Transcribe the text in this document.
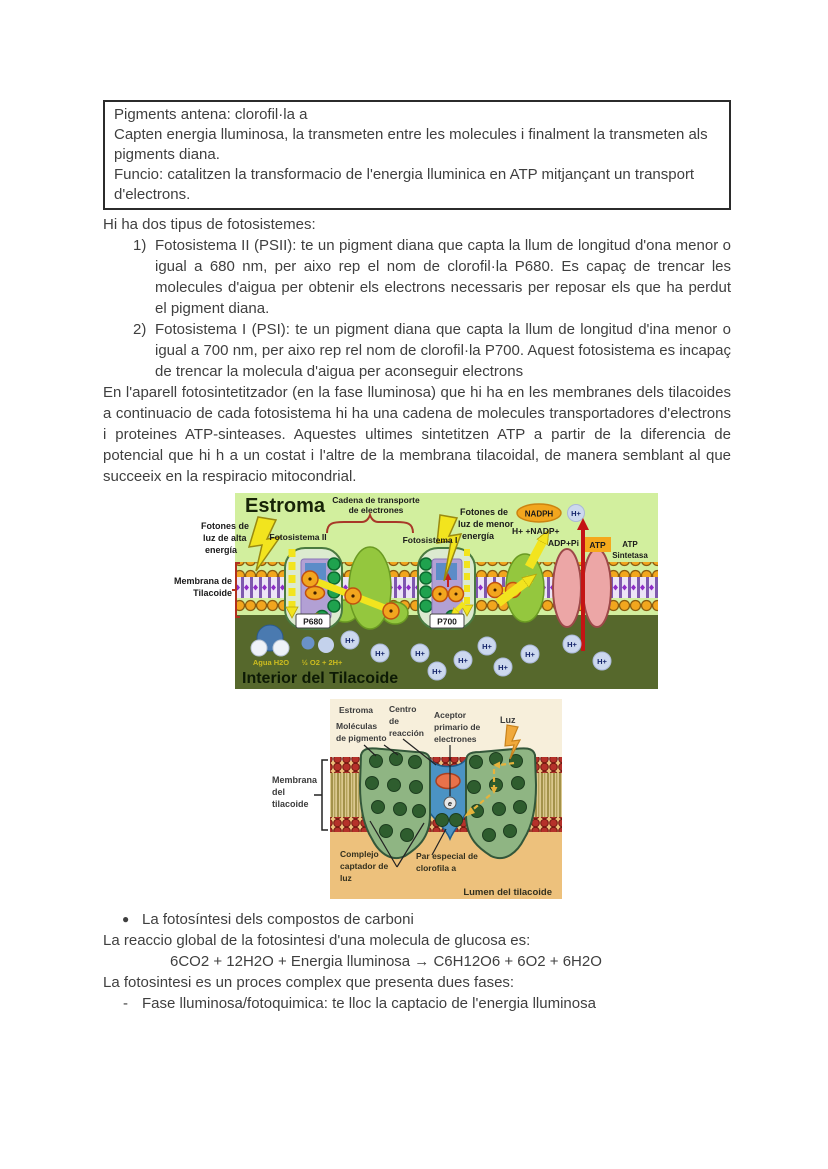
Pigments antena: clorofil·la a
Capten energia lluminosa, la transmeten entre les molecules i finalment la transmeten als pigments diana.
Funcio: catalitzen la transformacio de l'energia lluminica en ATP mitjançant un transport d'electrons.
Hi ha dos tipus de fotosistemes:
1) Fotosistema II (PSII): te un pigment diana que capta la llum de longitud d'ona menor o igual a 680 nm, per aixo rep el nom de clorofil·la P680. Es capaç de trencar les molecules d'aigua per obtenir els electrons necessaris per reposar els que ha perdut el pigment diana.
2) Fotosistema I (PSI): te un pigment diana que capta la llum de longitud d'ina menor o igual a 700 nm, per aixo rep rel nom de clorofil·la P700. Aquest fotosistema es incapaç de trencar la molecula d'aigua per aconseguir electrons
En l'aparell fotosintetitzador (en la fase lluminosa) que hi ha en les membranes dels tilacoides a continuacio de cada fotosistema hi ha una cadena de molecules transportadores d'electrons i proteines ATP-sinteases. Aquestes ultimes sintetitzen ATP a partir de la diferencia de potencial que hi h a un costat i l'altre de la membrana tilacoidal, de manera semblant al que succeeix en la respiracio mitocondrial.
P680	P700
NADPH H+
H+ +NADP+
ADP+Pi ATP ATP
Sintetasa
Estroma Cadena de transporte
de electrones
Fotones de
luz de alta
energía
Fotosistema II	Fotosistema I
Fotones de
luz de menor
energía
Membrana de
Tilacoide
Agua H2O ½ O2 + 2H+
Interior del Tilacoide
H+
H+	H+
H+
H+
H+
H+
H+
H+
H+
e
Estroma
Moléculas
de pigmento
Centro
de
reacción
Aceptor
primario de
electrones
Luz
Membrana
del
tilacoide
Complejo
captador de
luz
Par especial de
clorofila a
Lumen del tilacoide
● La fotosíntesi dels compostos de carboni
La reaccio global de la fotosintesi d'una molecula de glucosa es:
6CO2 + 12H2O + Energia lluminosa → C6H12O6 + 6O2 + 6H2O
La fotosintesi es un proces complex que presenta dues fases:
- Fase lluminosa/fotoquimica: te lloc la captacio de l'energia lluminosa
